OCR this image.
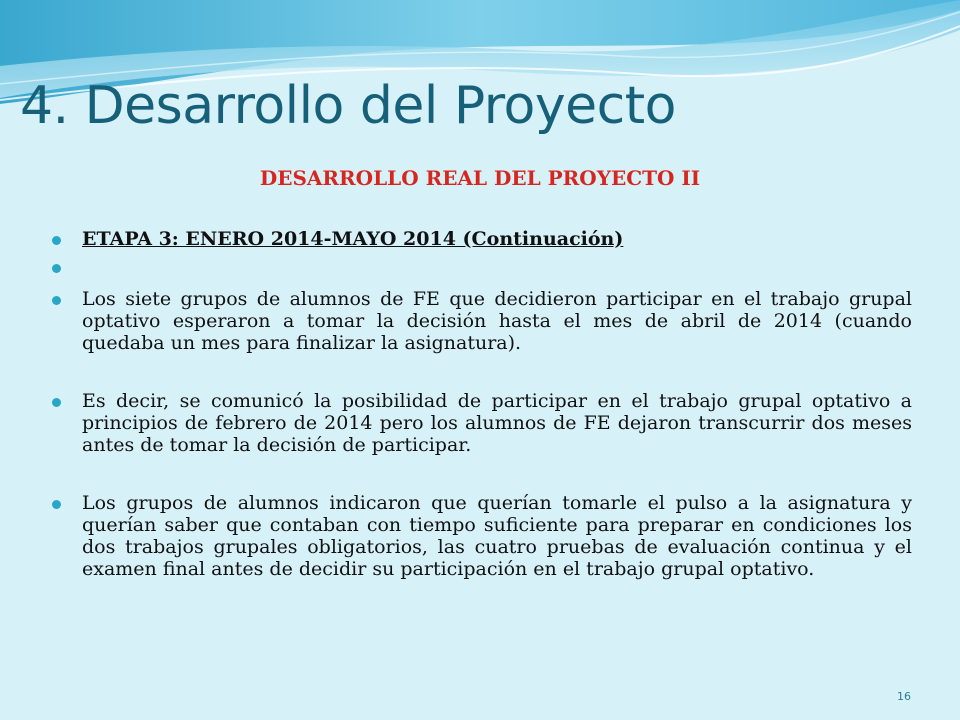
4. Desarrollo del Proyecto
DESARROLLO REAL DEL PROYECTO II
ETAPA 3: ENERO 2014-MAYO 2014 (Continuación)
Los siete grupos de alumnos de FE que decidieron participar en el trabajo grupal optativo esperaron a tomar la decisión hasta el mes de abril de 2014 (cuando quedaba un mes para finalizar la asignatura).
Es decir, se comunicó la posibilidad de participar en el trabajo grupal optativo a principios de febrero de 2014 pero los alumnos de FE dejaron transcurrir dos meses antes de tomar la decisión de participar.
Los grupos de alumnos indicaron que querían tomarle el pulso a la asignatura y querían saber que contaban con tiempo suficiente para preparar en condiciones los dos trabajos grupales obligatorios, las cuatro pruebas de evaluación continua y el examen final antes de decidir su participación en el trabajo grupal optativo.
16
